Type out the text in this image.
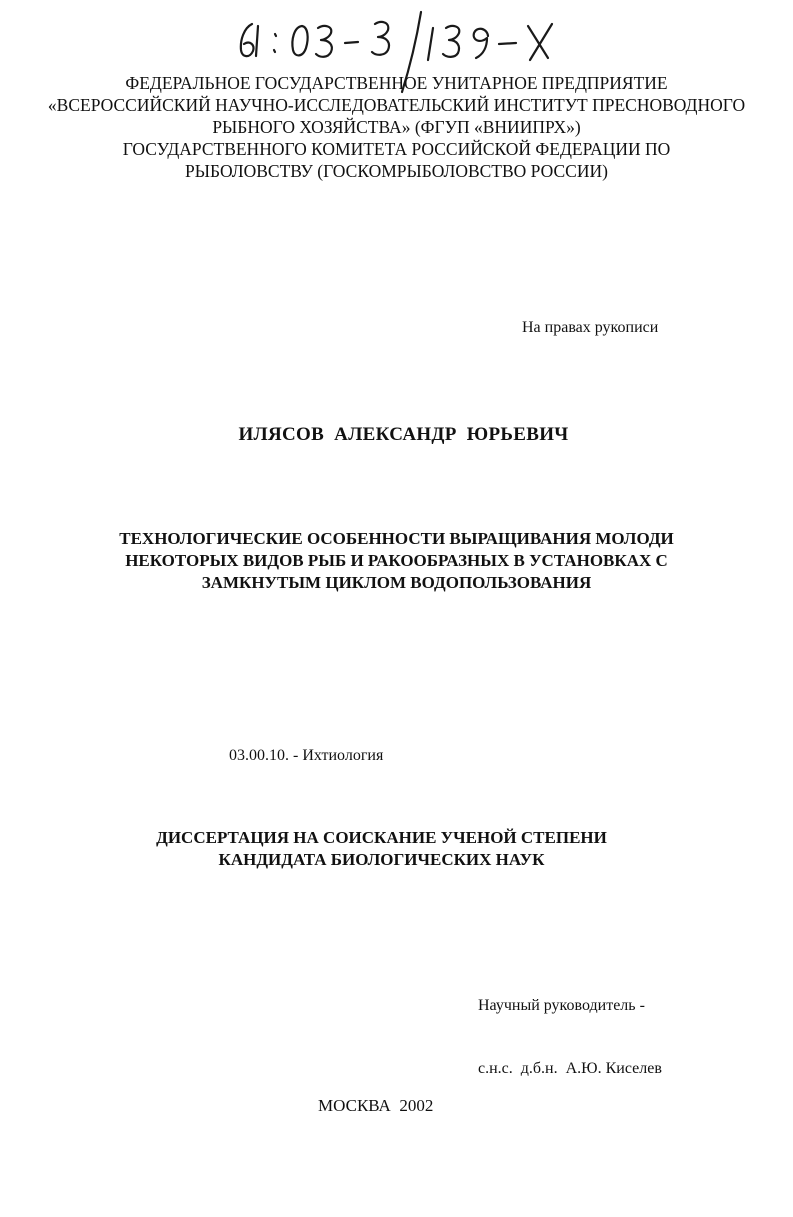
ФЕДЕРАЛЬНОЕ ГОСУДАРСТВЕННОЕ УНИТАРНОЕ ПРЕДПРИЯТИЕ
«ВСЕРОССИЙСКИЙ НАУЧНО-ИССЛЕДОВАТЕЛЬСКИЙ ИНСТИТУТ ПРЕСНОВОДНОГО
РЫБНОГО ХОЗЯЙСТВА» (ФГУП «ВНИИПРХ»)
ГОСУДАРСТВЕННОГО КОМИТЕТА РОССИЙСКОЙ ФЕДЕРАЦИИ ПО
РЫБОЛОВСТВУ (ГОСКОМРЫБОЛОВСТВО РОССИИ)
На правах рукописи
ИЛЯСОВ  АЛЕКСАНДР  ЮРЬЕВИЧ
ТЕХНОЛОГИЧЕСКИЕ ОСОБЕННОСТИ ВЫРАЩИВАНИЯ МОЛОДИ
НЕКОТОРЫХ ВИДОВ РЫБ И РАКООБРАЗНЫХ В УСТАНОВКАХ С
ЗАМКНУТЫМ ЦИКЛОМ ВОДОПОЛЬЗОВАНИЯ
03.00.10. - Ихтиология
ДИССЕРТАЦИЯ НА СОИСКАНИЕ УЧЕНОЙ СТЕПЕНИ
КАНДИДАТА БИОЛОГИЧЕСКИХ НАУК

Научный руководитель -

с.н.с.  д.б.н.  А.Ю. Киселев

МОСКВА  2002
